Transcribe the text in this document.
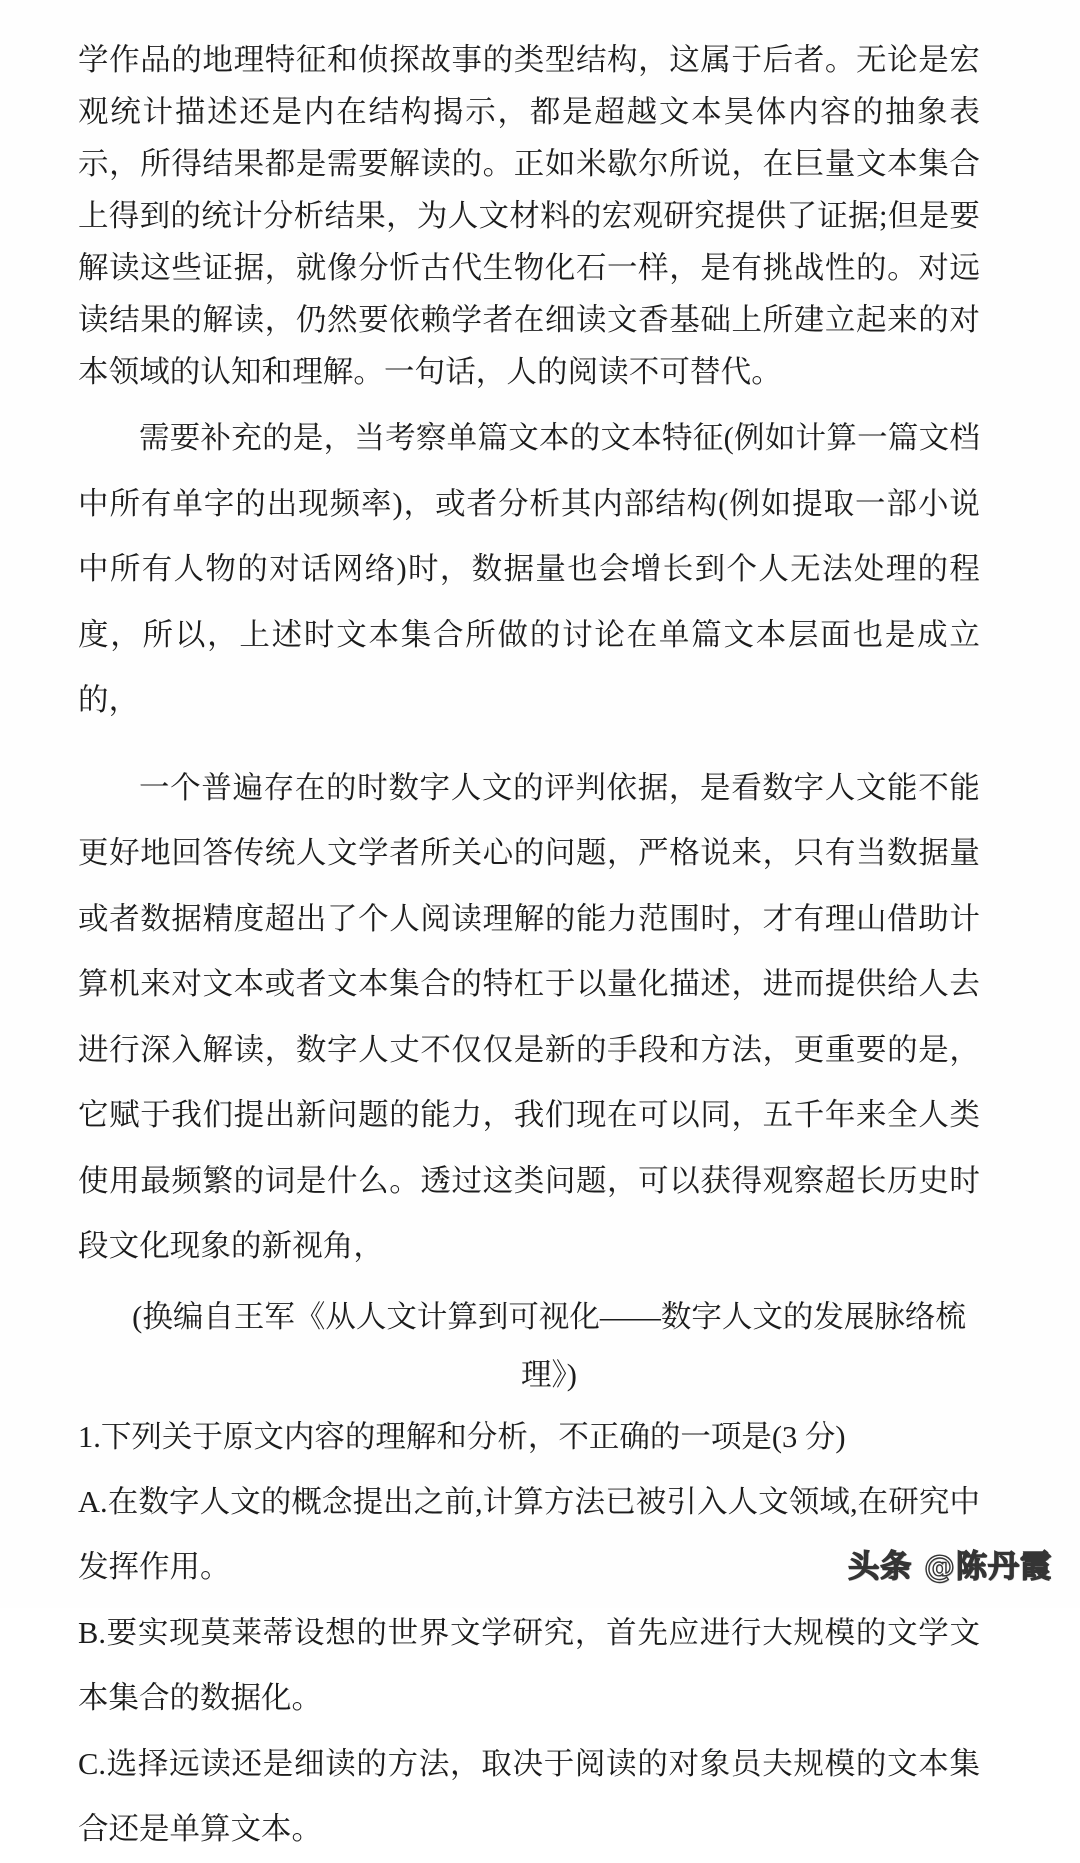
学作品的地理特征和侦探故事的类型结构，这属于后者。无论是宏观统计描述还是内在结构揭示，都是超越文本昊体内容的抽象表示，所得结果都是需要解读的。正如米歇尔所说，在巨量文本集合上得到的统计分析结果，为人文材料的宏观研究提供了证据;但是要解读这些证据，就像分忻古代生物化石一样，是有挑战性的。对远读结果的解读，仍然要依赖学者在细读文香基础上所建立起来的对本领域的认知和理解。一句话，人的阅读不可替代。

需要补充的是，当考察单篇文本的文本特征(例如计算一篇文档中所有单字的出现频率)，或者分析其内部结构(例如提取一部小说中所有人物的对话网络)时，数据量也会增长到个人无法处理的程度，所以，上述时文本集合所做的讨论在单篇文本层面也是成立的，

一个普遍存在的时数字人文的评判依据，是看数字人文能不能更好地回答传统人文学者所关心的问题，严格说来，只有当数据量或者数据精度超出了个人阅读理解的能力范围时，才有理山借助计算机来对文本或者文本集合的特杠于以量化描述，进而提供给人去进行深入解读，数字人丈不仅仅是新的手段和方法，更重要的是，它赋于我们提出新问题的能力，我们现在可以同，五千年来全人类使用最频繁的词是什么。透过这类问题，可以获得观察超长历史时段文化现象的新视角，

(换编自王军《从人文计算到可视化——数字人文的发展脉络梳理》)

1.下列关于原文内容的理解和分析，不正确的一项是(3 分)

A.在数字人文的概念提出之前,计算方法已被引入人文领域,在研究中发挥作用。

B.要实现莫莱蒂设想的世界文学研究，首先应进行大规模的文学文本集合的数据化。

C.选择远读还是细读的方法，取决于阅读的对象员夫规模的文本集合还是单算文本。

头条 @陈丹霞
